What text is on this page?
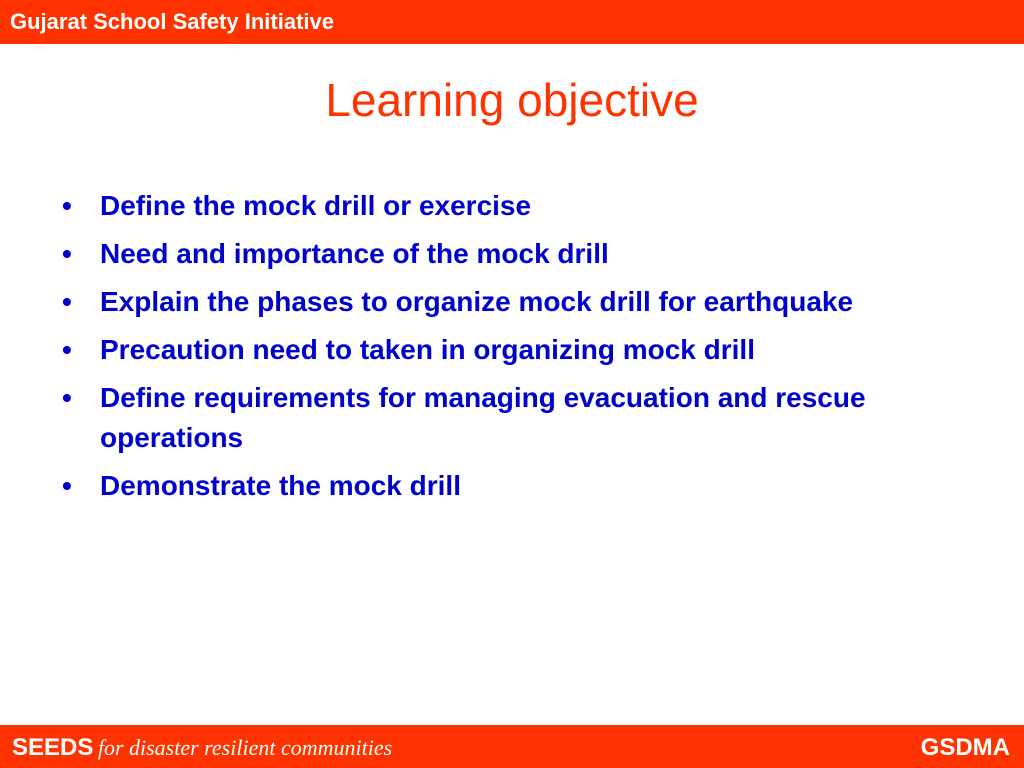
Gujarat School Safety Initiative
Learning objective
• Define the mock drill or exercise
• Need and importance of the mock drill
• Explain the phases to organize mock drill for earthquake
• Precaution need to taken in organizing mock drill
• Define requirements for managing evacuation and rescue operations
• Demonstrate the mock drill
SEEDS for disaster resilient communities	GSDMA
